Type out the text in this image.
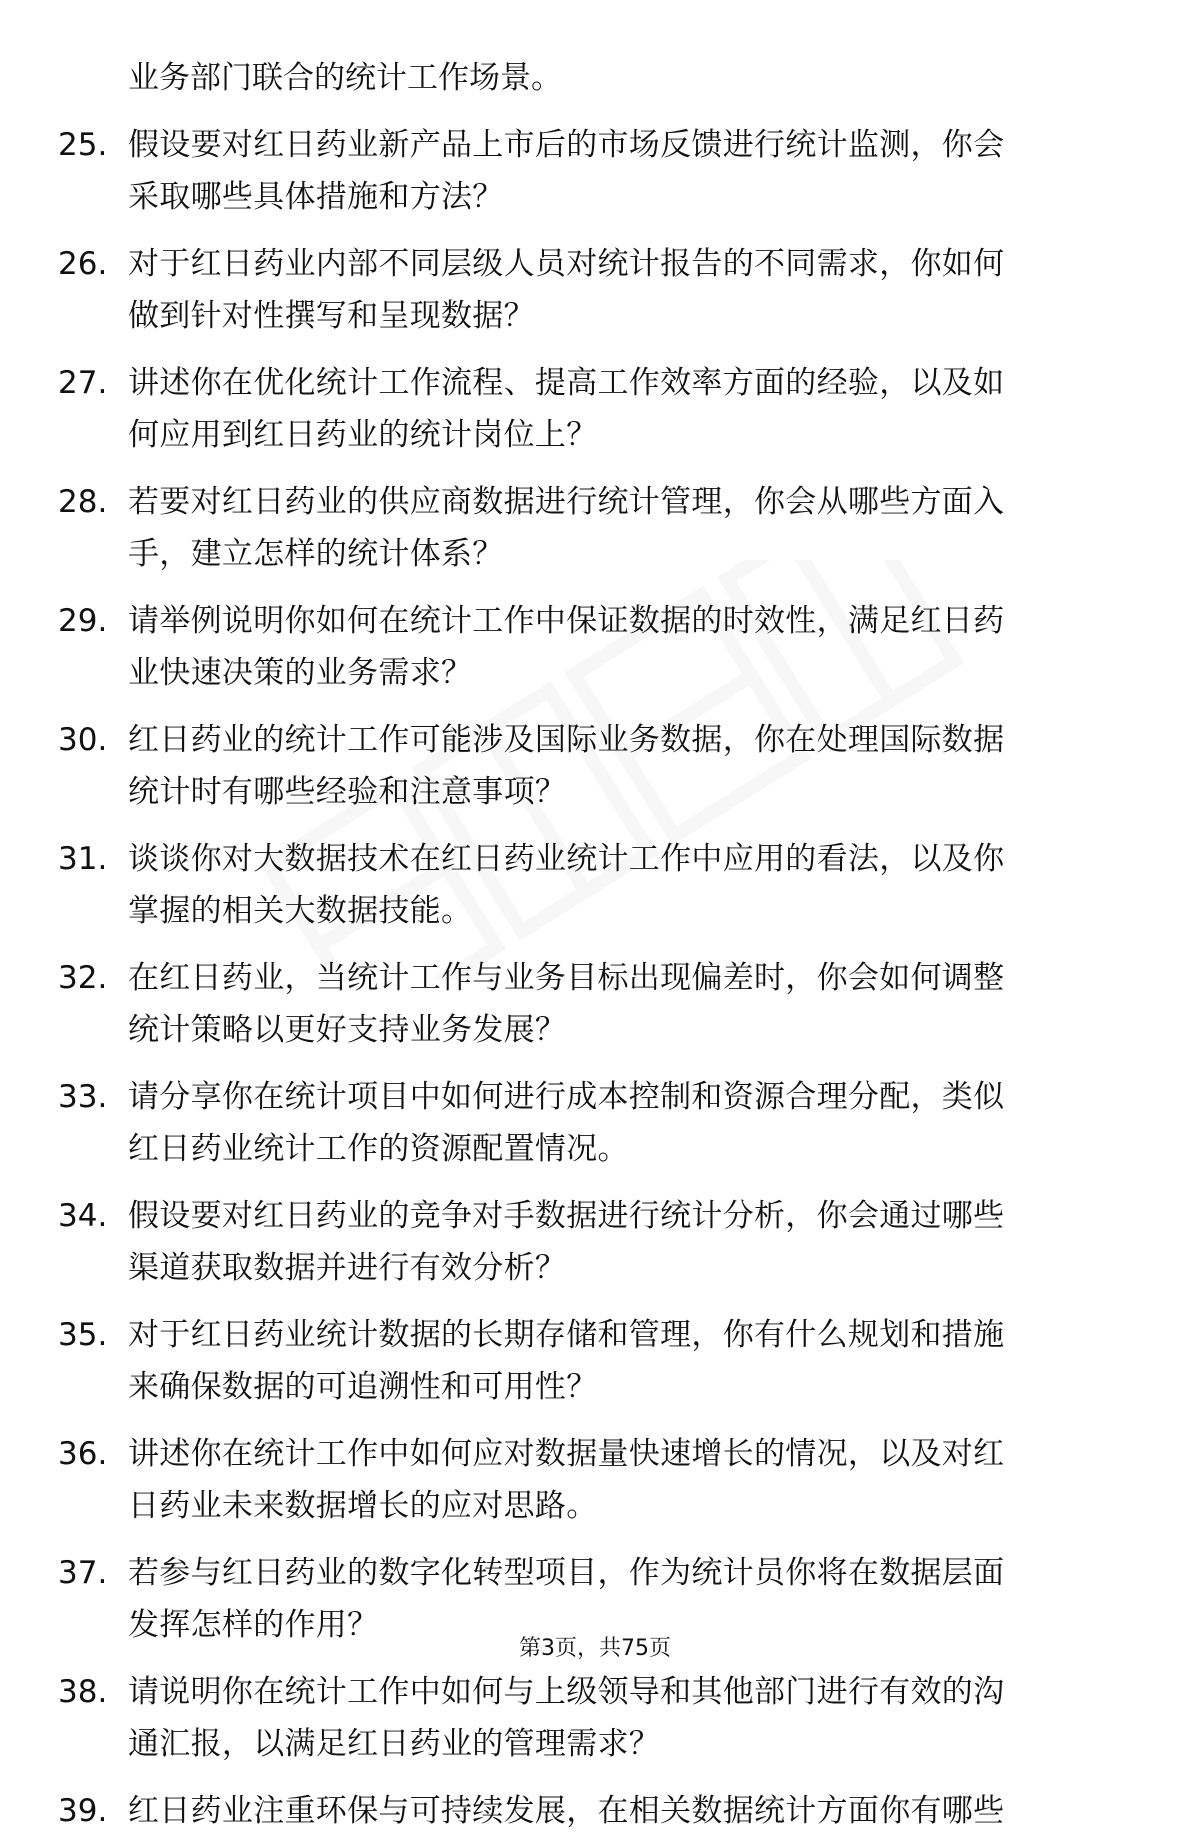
业务部门联合的统计工作场景。
25. 假设要对红日药业新产品上市后的市场反馈进行统计监测，你会
采取哪些具体措施和方法？
26. 对于红日药业内部不同层级人员对统计报告的不同需求，你如何
做到针对性撰写和呈现数据？
27. 讲述你在优化统计工作流程、提高工作效率方面的经验，以及如
何应用到红日药业的统计岗位上？
28. 若要对红日药业的供应商数据进行统计管理，你会从哪些方面入
手，建立怎样的统计体系？
29. 请举例说明你如何在统计工作中保证数据的时效性，满足红日药
业快速决策的业务需求？
30. 红日药业的统计工作可能涉及国际业务数据，你在处理国际数据
统计时有哪些经验和注意事项？
31. 谈谈你对大数据技术在红日药业统计工作中应用的看法，以及你
掌握的相关大数据技能。
32. 在红日药业，当统计工作与业务目标出现偏差时，你会如何调整
统计策略以更好支持业务发展？
33. 请分享你在统计项目中如何进行成本控制和资源合理分配，类似
红日药业统计工作的资源配置情况。
34. 假设要对红日药业的竞争对手数据进行统计分析，你会通过哪些
渠道获取数据并进行有效分析？
35. 对于红日药业统计数据的长期存储和管理，你有什么规划和措施
来确保数据的可追溯性和可用性？
36. 讲述你在统计工作中如何应对数据量快速增长的情况，以及对红
日药业未来数据增长的应对思路。
37. 若参与红日药业的数字化转型项目，作为统计员你将在数据层面
发挥怎样的作用？
38. 请说明你在统计工作中如何与上级领导和其他部门进行有效的沟
通汇报，以满足红日药业的管理需求？
39. 红日药业注重环保与可持续发展，在相关数据统计方面你有哪些
第3页，共75页
